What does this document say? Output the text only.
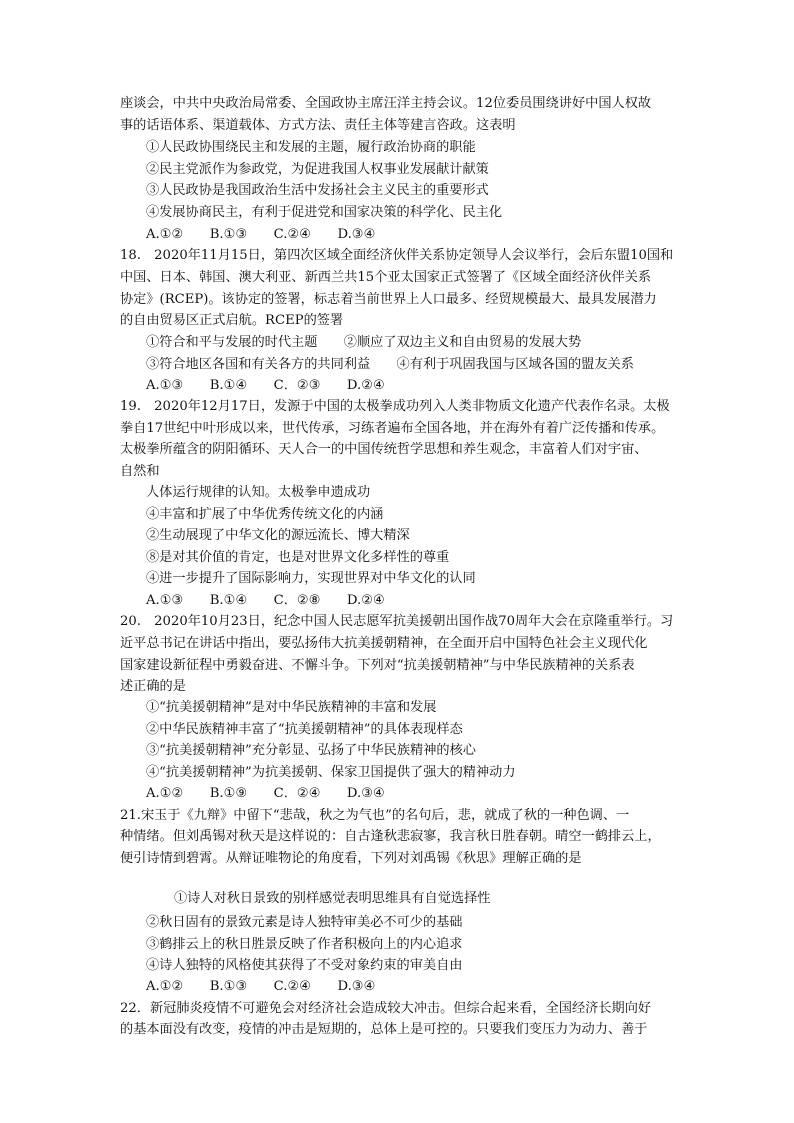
座谈会，中共中央政治局常委、全国政协主席汪洋主持会议。12位委员围绕讲好中国人权故
事的话语体系、渠道载体、方式方法、责任主体等建言咨政。这表明
①人民政协围绕民主和发展的主题，履行政治协商的职能
②民主党派作为参政党，为促进我国人权事业发展献计献策
③人民政协是我国政治生活中发扬社会主义民主的重要形式
④发展协商民主，有利于促进党和国家决策的科学化、民主化
A.①②　　B.①③　　C.②④　　D.③④
18.　2020年11月15日，第四次区域全面经济伙伴关系协定领导人会议举行，会后东盟10国和
中国、日本、韩国、澳大利亚、新西兰共15个亚太国家正式签署了《区域全面经济伙伴关系
协定》(RCEP)。该协定的签署，标志着当前世界上人口最多、经贸规模最大、最具发展潜力
的自由贸易区正式启航。RCEP的签署
①符合和平与发展的时代主题　　②顺应了双边主义和自由贸易的发展大势
③符合地区各国和有关各方的共同利益　　④有利于巩固我国与区域各国的盟友关系
A.①③　　B.①④　　C．②③　　D.②④
19.　2020年12月17日，发源于中国的太极拳成功列入人类非物质文化遗产代表作名录。太极
拳自17世纪中叶形成以来，世代传承，习练者遍布全国各地，并在海外有着广泛传播和传承。
太极拳所蕴含的阴阳循环、天人合一的中国传统哲学思想和养生观念，丰富着人们对宇宙、
自然和
人体运行规律的认知。太极拳申遗成功
④丰富和扩展了中华优秀传统文化的内涵
②生动展现了中华文化的源远流长、博大精深
⑧是对其价值的肯定，也是对世界文化多样性的尊重
④进一步提升了国际影响力，实现世界对中华文化的认同
A.①③　　B.①④　　C．②⑧　　D.②④
20.　2020年10月23日，纪念中国人民志愿军抗美援朝出国作战70周年大会在京隆重举行。习
近平总书记在讲话中指出，要弘扬伟大抗美援朝精神，在全面开启中国特色社会主义现代化
国家建设新征程中勇毅奋进、不懈斗争。下列对“抗美援朝精神”与中华民族精神的关系表
述正确的是
①“抗美援朝精神”是对中华民族精神的丰富和发展
②中华民族精神丰富了“抗美援朝精神”的具体表现样态
③“抗美援朝精神”充分彰显、弘扬了中华民族精神的核心
④“抗美援朝精神”为抗美援朝、保家卫国提供了强大的精神动力
A.①②　　B.①⑨　　C．②④　　D.③④
21.宋玉于《九辩》中留下“悲哉，秋之为气也”的名句后，悲，就成了秋的一种色调、一
种情绪。但刘禹锡对秋天是这样说的：自古逢秋悲寂寥，我言秋日胜春朝。晴空一鹤排云上，
便引诗情到碧霄。从辩证唯物论的角度看，下列对刘禹锡《秋思》理解正确的是
①诗人对秋日景致的别样感觉表明思维具有自觉选择性
②秋日固有的景致元素是诗人独特审美必不可少的基础
③鹤排云上的秋日胜景反映了作者积极向上的内心追求
④诗人独特的风格使其获得了不受对象约束的审美自由
A.①②　　B.①③　　C.②④　　D.③④
22．新冠肺炎疫情不可避免会对经济社会造成较大冲击。但综合起来看，全国经济长期向好
的基本面没有改变，疫情的冲击是短期的，总体上是可控的。只要我们变压力为动力、善于
